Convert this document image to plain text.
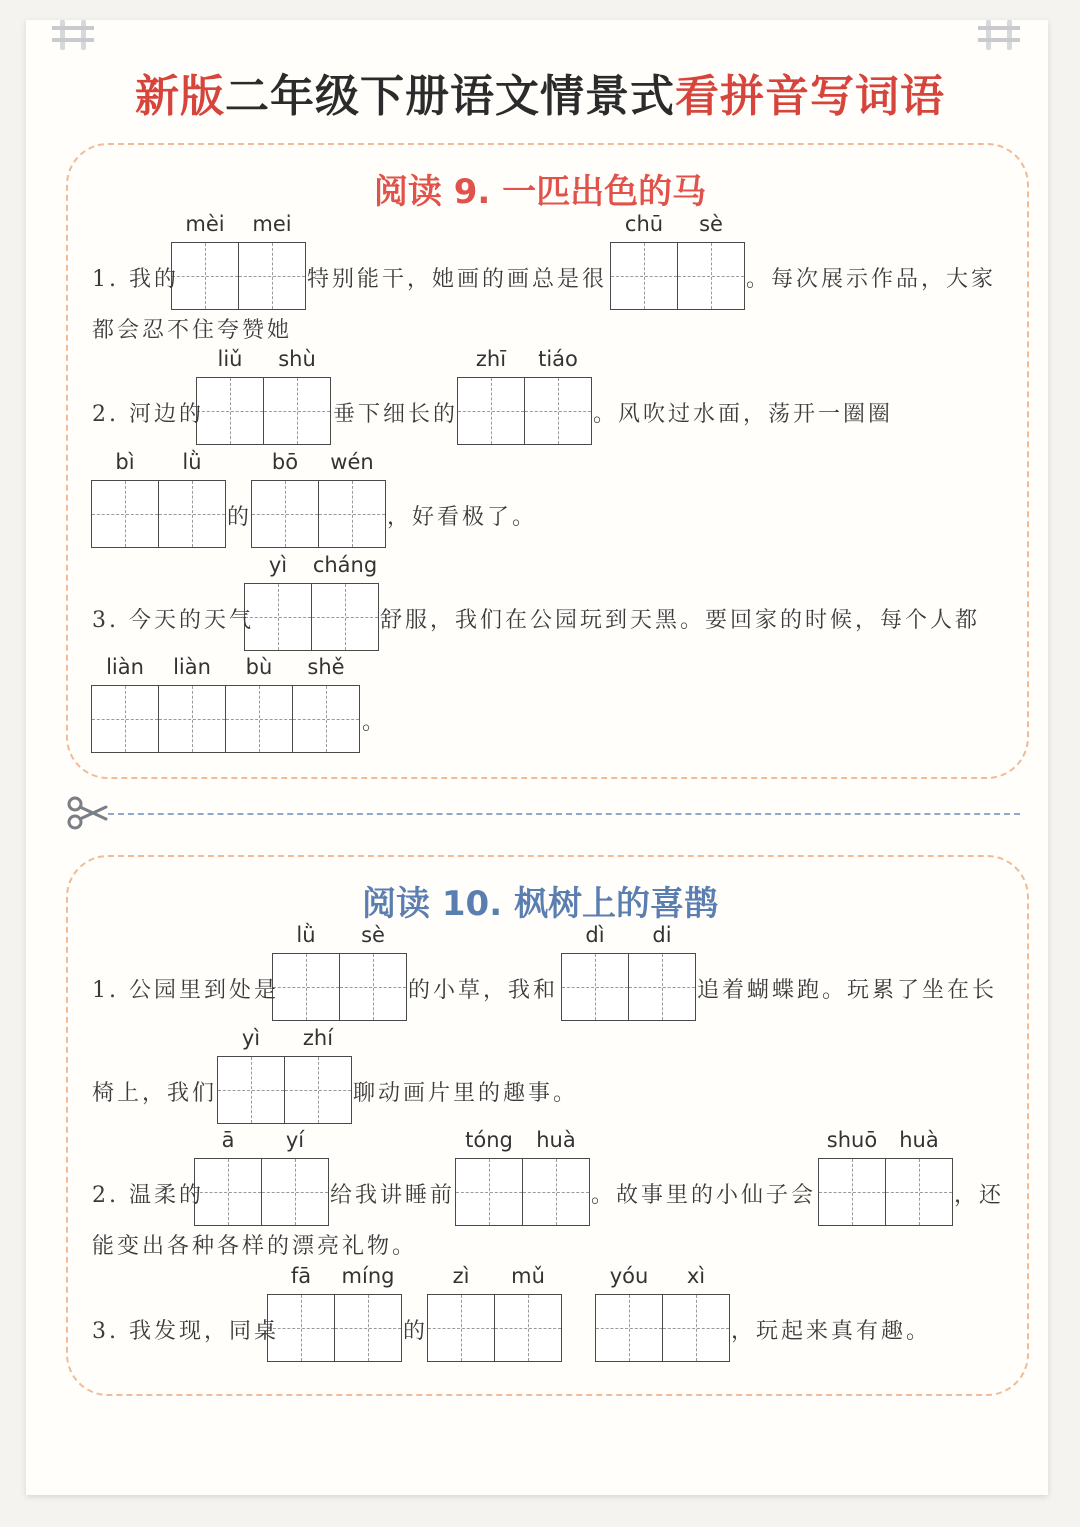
新版二年级下册语文情景式看拼音写词语
阅读 9. 一匹出色的马
mèi	mei	chū	sè
liǔ	shù	zhī	tiáo
bì	lǜ	bō	wén
yì	cháng
liàn	liàn	bù	shě
1. 我的	特别能干，她画的画总是很	。每次展示作品，大家
都会忍不住夸赞她
2. 河边的	垂下细长的	。风吹过水面，荡开一圈圈
的	，好看极了。
3. 今天的天气	舒服，我们在公园玩到天黑。要回家的时候，每个人都
。
阅读 10. 枫树上的喜鹊
lǜ	sè	dì	di
yì	zhí
ā	yí	tóng	huà	shuō	huà
fā	míng	zì	mǔ	yóu	xì
1. 公园里到处是	的小草，我和	追着蝴蝶跑。玩累了坐在长
椅上，我们	聊动画片里的趣事。
2. 温柔的	给我讲睡前	。故事里的小仙子会	，还
能变出各种各样的漂亮礼物。
3. 我发现，同桌	的	，玩起来真有趣。
